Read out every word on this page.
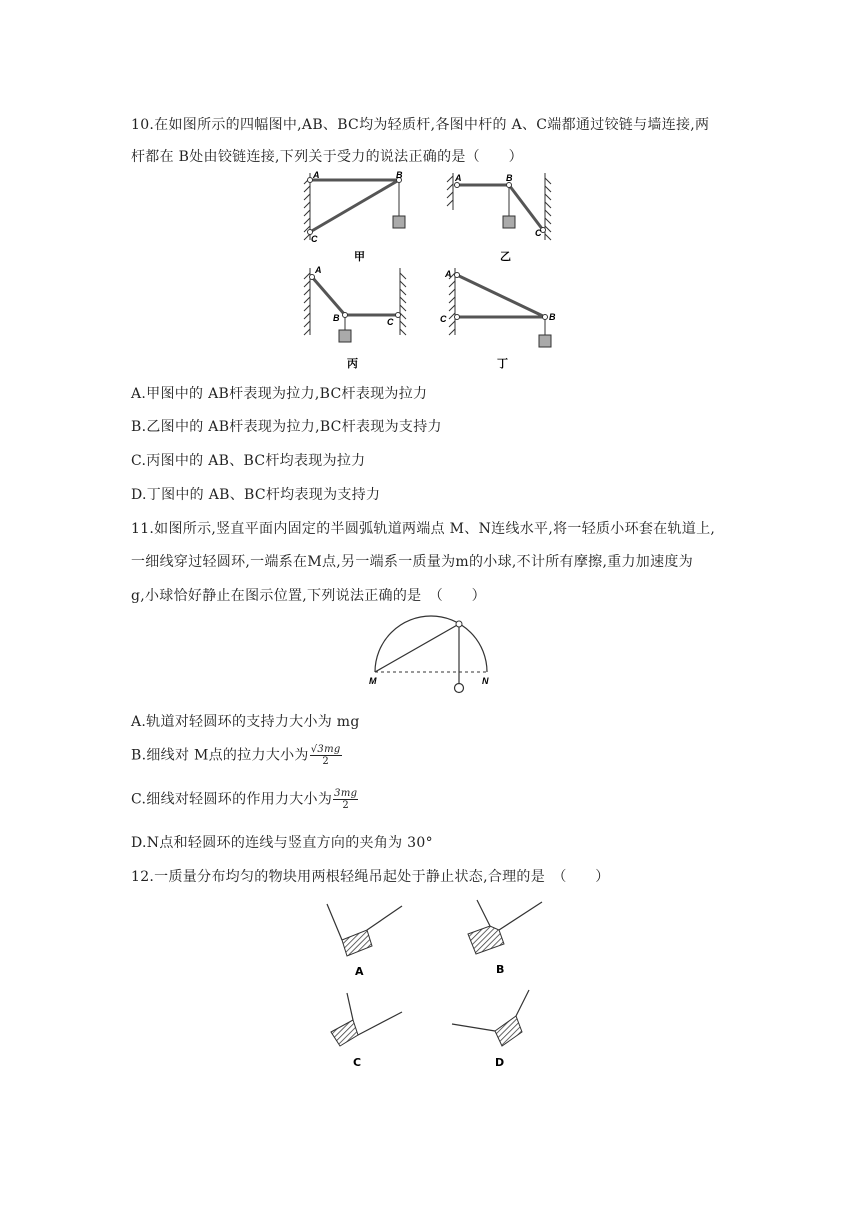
10.在如图所示的四幅图中,AB、BC均为轻质杆,各图中杆的 A、C端都通过铰链与墙连接,两
杆都在 B处由铰链连接,下列关于受力的说法正确的是（　　）
A	B
C
甲
A	B
C
乙
A
B	C
丙
A
B
C
丁
A.甲图中的 AB杆表现为拉力,BC杆表现为拉力
B.乙图中的 AB杆表现为拉力,BC杆表现为支持力
C.丙图中的 AB、BC杆均表现为拉力
D.丁图中的 AB、BC杆均表现为支持力
11.如图所示,竖直平面内固定的半圆弧轨道两端点 M、N连线水平,将一轻质小环套在轨道上,
一细线穿过轻圆环,一端系在M点,另一端系一质量为m的小球,不计所有摩擦,重力加速度为
g,小球恰好静止在图示位置,下列说法正确的是　（　　）
M	N
A.轨道对轻圆环的支持力大小为 mg
B.细线对 M点的拉力大小为 $\frac{√3mg}{2}$
C.细线对轻圆环的作用力大小为 $\frac{3mg}{2}$
D.N点和轻圆环的连线与竖直方向的夹角为 30°
12.一质量分布均匀的物块用两根轻绳吊起处于静止状态,合理的是　（　　）
A	B
C	D
